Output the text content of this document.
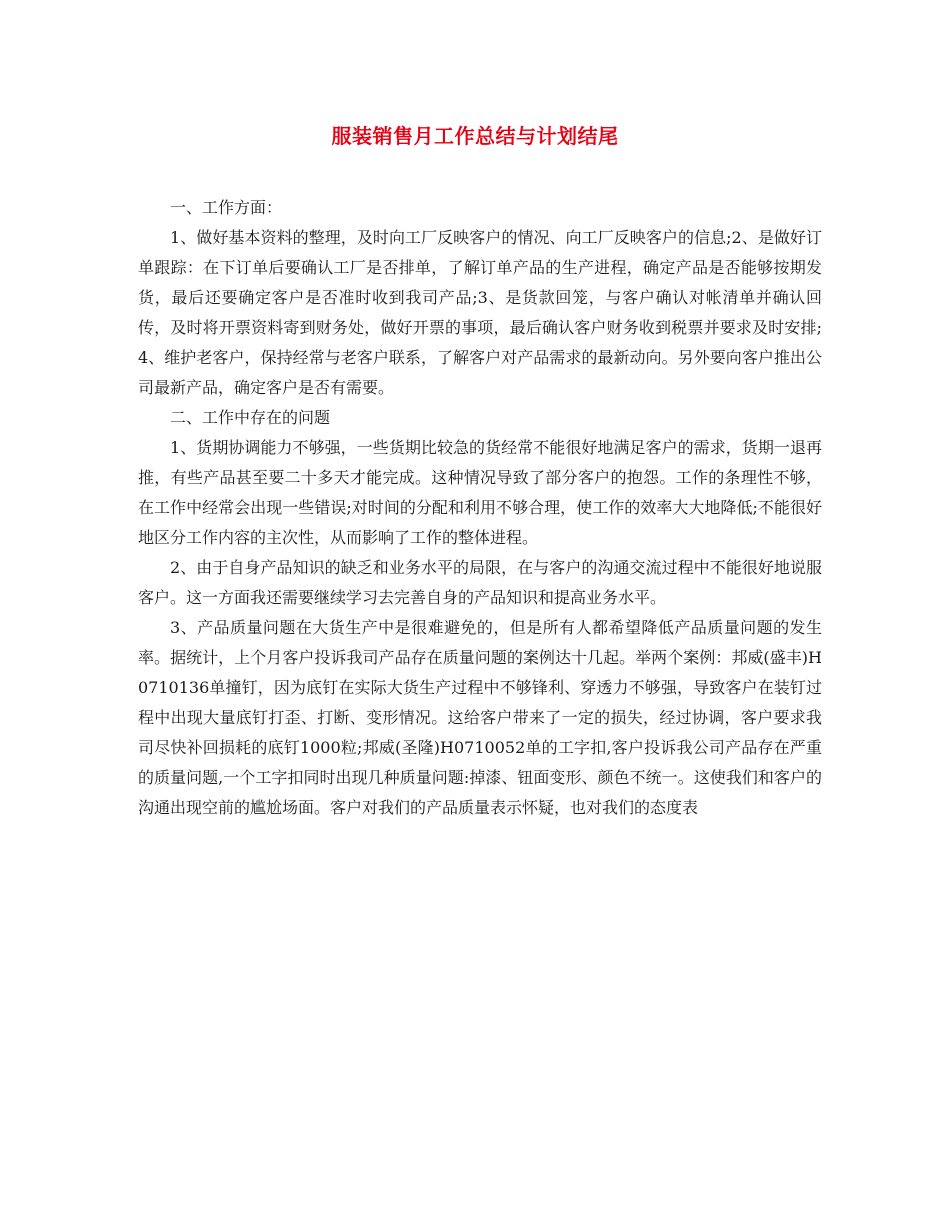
服装销售月工作总结与计划结尾

一、工作方面：

1、做好基本资料的整理，及时向工厂反映客户的情况、向工厂反映客户的信息;2、是做好订单跟踪：在下订单后要确认工厂是否排单，了解订单产品的生产进程，确定产品是否能够按期发货，最后还要确定客户是否准时收到我司产品;3、是货款回笼，与客户确认对帐清单并确认回传，及时将开票资料寄到财务处，做好开票的事项，最后确认客户财务收到税票并要求及时安排;4、维护老客户，保持经常与老客户联系，了解客户对产品需求的最新动向。另外要向客户推出公司最新产品，确定客户是否有需要。

二、工作中存在的问题

1、货期协调能力不够强，一些货期比较急的货经常不能很好地满足客户的需求，货期一退再推，有些产品甚至要二十多天才能完成。这种情况导致了部分客户的抱怨。工作的条理性不够，在工作中经常会出现一些错误;对时间的分配和利用不够合理，使工作的效率大大地降低;不能很好地区分工作内容的主次性，从而影响了工作的整体进程。

2、由于自身产品知识的缺乏和业务水平的局限，在与客户的沟通交流过程中不能很好地说服客户。这一方面我还需要继续学习去完善自身的产品知识和提高业务水平。

3、产品质量问题在大货生产中是很难避免的，但是所有人都希望降低产品质量问题的发生率。据统计，上个月客户投诉我司产品存在质量问题的案例达十几起。举两个案例：邦威(盛丰)H0710136单撞钉，因为底钉在实际大货生产过程中不够锋利、穿透力不够强，导致客户在装钉过程中出现大量底钉打歪、打断、变形情况。这给客户带来了一定的损失，经过协调，客户要求我司尽快补回损耗的底钉1000粒;邦威(圣隆)H0710052单的工字扣,客户投诉我公司产品存在严重的质量问题,一个工字扣同时出现几种质量问题:掉漆、钮面变形、颜色不统一。这使我们和客户的沟通出现空前的尴尬场面。客户对我们的产品质量表示怀疑，也对我们的态度表
